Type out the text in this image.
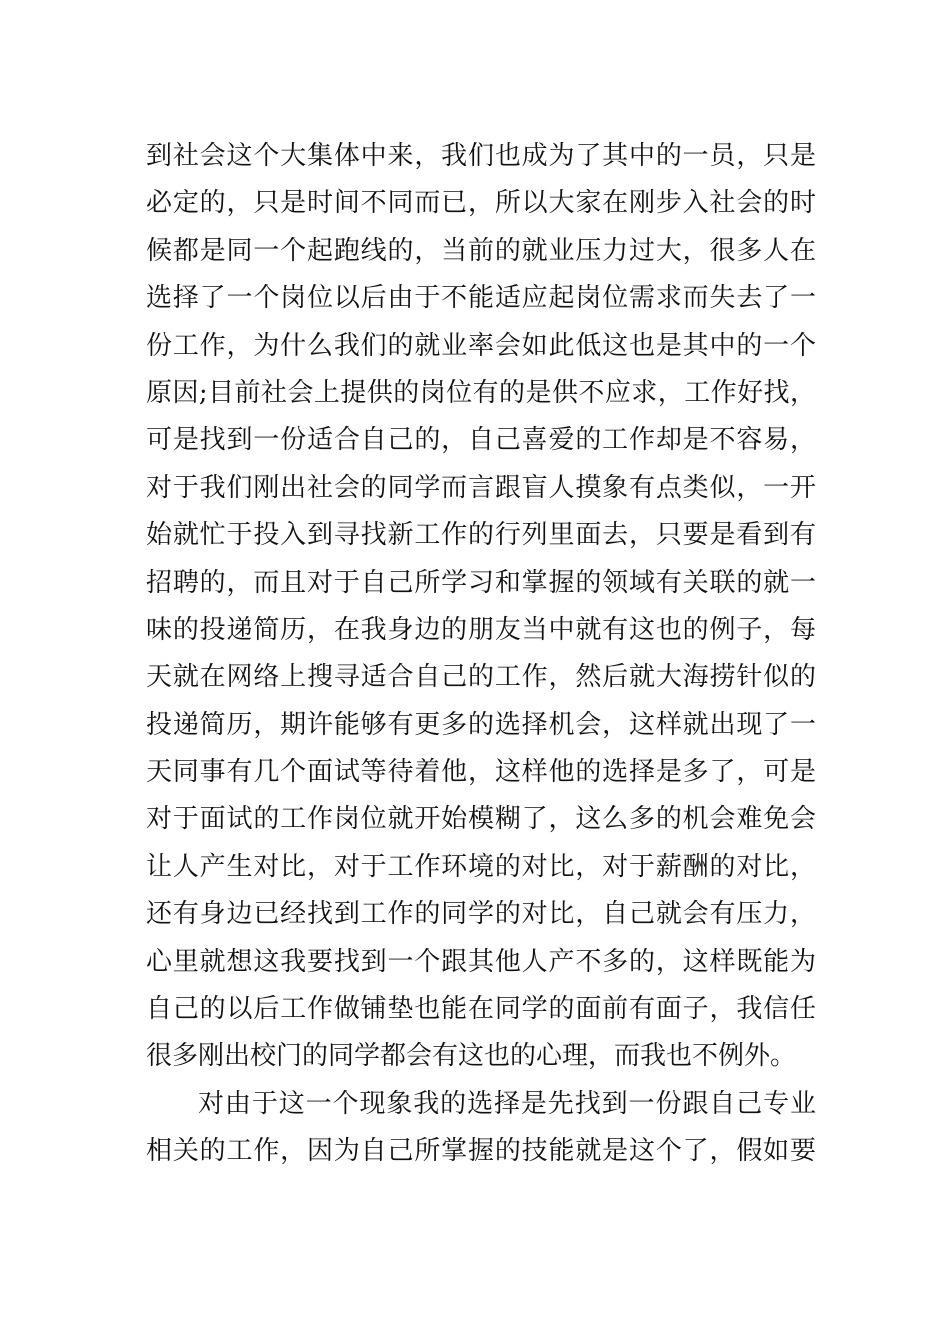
到社会这个大集体中来，我们也成为了其中的一员，只是
必定的，只是时间不同而已，所以大家在刚步入社会的时
候都是同一个起跑线的，当前的就业压力过大，很多人在
选择了一个岗位以后由于不能适应起岗位需求而失去了一
份工作，为什么我们的就业率会如此低这也是其中的一个
原因;目前社会上提供的岗位有的是供不应求，工作好找，
可是找到一份适合自己的，自己喜爱的工作却是不容易，
对于我们刚出社会的同学而言跟盲人摸象有点类似，一开
始就忙于投入到寻找新工作的行列里面去，只要是看到有
招聘的，而且对于自己所学习和掌握的领域有关联的就一
味的投递简历，在我身边的朋友当中就有这也的例子，每
天就在网络上搜寻适合自己的工作，然后就大海捞针似的
投递简历，期许能够有更多的选择机会，这样就出现了一
天同事有几个面试等待着他，这样他的选择是多了，可是
对于面试的工作岗位就开始模糊了，这么多的机会难免会
让人产生对比，对于工作环境的对比，对于薪酬的对比，
还有身边已经找到工作的同学的对比，自己就会有压力，
心里就想这我要找到一个跟其他人产不多的，这样既能为
自己的以后工作做铺垫也能在同学的面前有面子，我信任
很多刚出校门的同学都会有这也的心理，而我也不例外。
对由于这一个现象我的选择是先找到一份跟自己专业
相关的工作，因为自己所掌握的技能就是这个了，假如要
